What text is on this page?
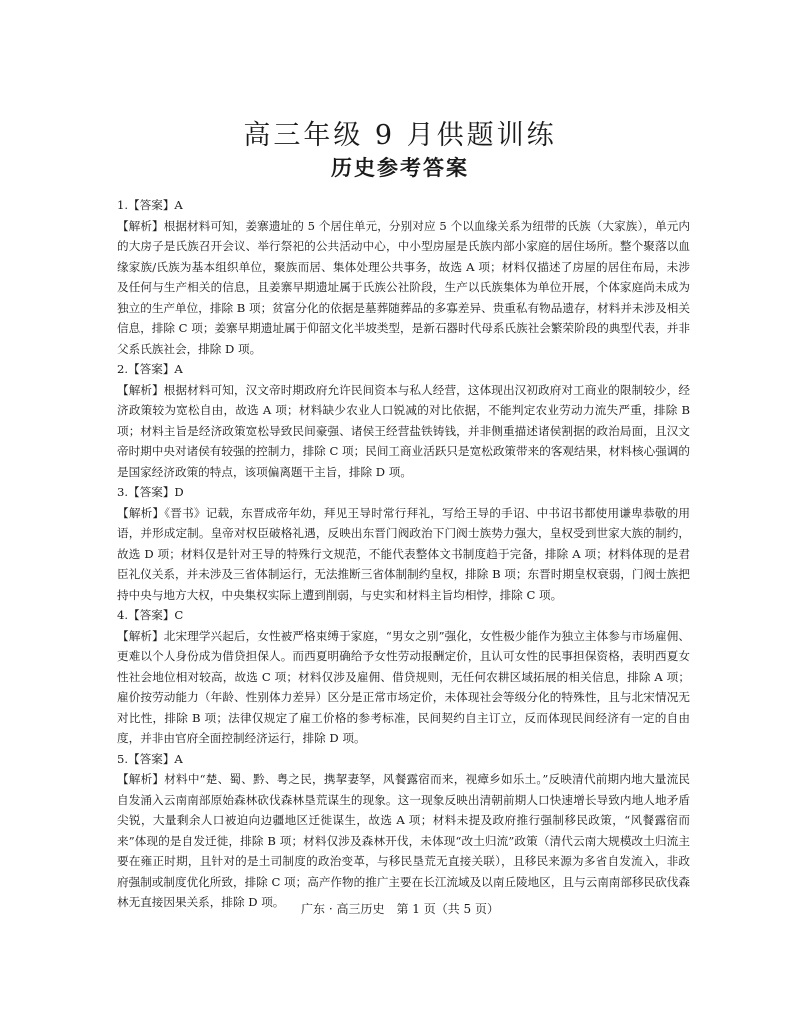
高三年级 9 月供题训练
历史参考答案

1.【答案】A

【解析】根据材料可知，姜寨遗址的 5 个居住单元，分别对应 5 个以血缘关系为纽带的氏族（大家族），单元内的大房子是氏族召开会议、举行祭祀的公共活动中心，中小型房屋是氏族内部小家庭的居住场所。整个聚落以血缘家族/氏族为基本组织单位，聚族而居、集体处理公共事务，故选 A 项；材料仅描述了房屋的居住布局，未涉及任何与生产相关的信息，且姜寨早期遗址属于氏族公社阶段，生产以氏族集体为单位开展，个体家庭尚未成为独立的生产单位，排除 B 项；贫富分化的依据是墓葬随葬品的多寡差异、贵重私有物品遗存，材料并未涉及相关信息，排除 C 项；姜寨早期遗址属于仰韶文化半坡类型，是新石器时代母系氏族社会繁荣阶段的典型代表，并非父系氏族社会，排除 D 项。

2.【答案】A

【解析】根据材料可知，汉文帝时期政府允许民间资本与私人经营，这体现出汉初政府对工商业的限制较少，经济政策较为宽松自由，故选 A 项；材料缺少农业人口锐减的对比依据，不能判定农业劳动力流失严重，排除 B 项；材料主旨是经济政策宽松导致民间豪强、诸侯王经营盐铁铸钱，并非侧重描述诸侯割据的政治局面，且汉文帝时期中央对诸侯有较强的控制力，排除 C 项；民间工商业活跃只是宽松政策带来的客观结果，材料核心强调的是国家经济政策的特点，该项偏离题干主旨，排除 D 项。

3.【答案】D

【解析】《晋书》记载，东晋成帝年幼，拜见王导时常行拜礼，写给王导的手诏、中书诏书都使用谦卑恭敬的用语，并形成定制。皇帝对权臣破格礼遇，反映出东晋门阀政治下门阀士族势力强大，皇权受到世家大族的制约，故选 D 项；材料仅是针对王导的特殊行文规范，不能代表整体文书制度趋于完备，排除 A 项；材料体现的是君臣礼仪关系，并未涉及三省体制运行，无法推断三省体制制约皇权，排除 B 项；东晋时期皇权衰弱，门阀士族把持中央与地方大权，中央集权实际上遭到削弱，与史实和材料主旨均相悖，排除 C 项。

4.【答案】C

【解析】北宋理学兴起后，女性被严格束缚于家庭，“男女之别”强化，女性极少能作为独立主体参与市场雇佣、更难以个人身份成为借贷担保人。而西夏明确给予女性劳动报酬定价，且认可女性的民事担保资格，表明西夏女性社会地位相对较高，故选 C 项；材料仅涉及雇佣、借贷规则，无任何农耕区域拓展的相关信息，排除 A 项；雇价按劳动能力（年龄、性别体力差异）区分是正常市场定价，未体现社会等级分化的特殊性，且与北宋情况无对比性，排除 B 项；法律仅规定了雇工价格的参考标准，民间契约自主订立，反而体现民间经济有一定的自由度，并非由官府全面控制经济运行，排除 D 项。

5.【答案】A

【解析】材料中“楚、蜀、黔、粤之民，携挈妻孥，风餐露宿而来，视瘴乡如乐土。”反映清代前期内地大量流民自发涌入云南南部原始森林砍伐森林垦荒谋生的现象。这一现象反映出清朝前期人口快速增长导致内地人地矛盾尖锐，大量剩余人口被迫向边疆地区迁徙谋生，故选 A 项；材料未提及政府推行强制移民政策，“风餐露宿而来”体现的是自发迁徙，排除 B 项；材料仅涉及森林开伐，未体现“改土归流”政策（清代云南大规模改土归流主要在雍正时期，且针对的是土司制度的政治变革，与移民垦荒无直接关联），且移民来源为多省自发流入，非政府强制或制度优化所致，排除 C 项；高产作物的推广主要在长江流域及以南丘陵地区，且与云南南部移民砍伐森林无直接因果关系，排除 D 项。	广东 · 高三历史　第 1 页（共 5 页）
